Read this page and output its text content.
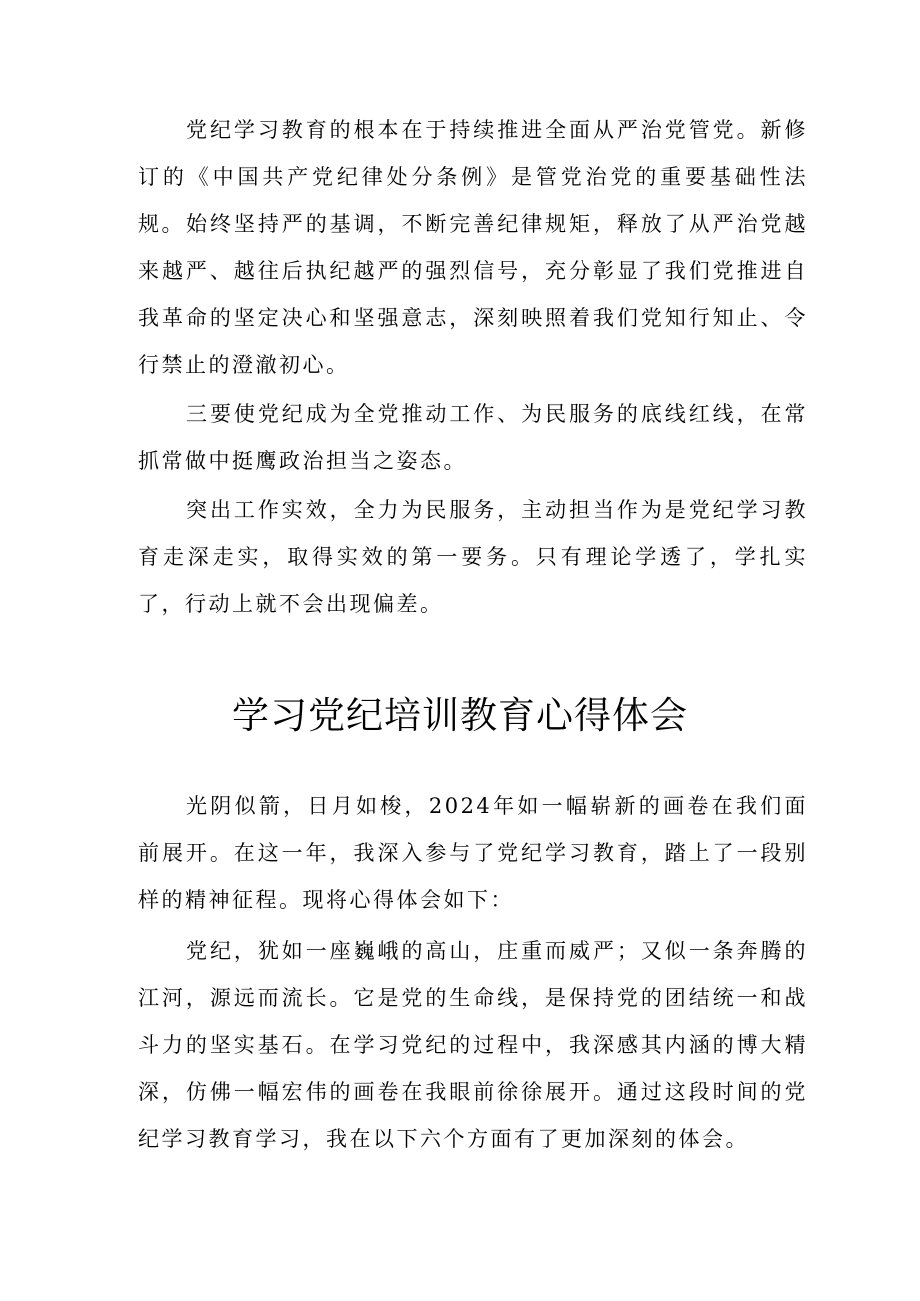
党纪学习教育的根本在于持续推进全面从严治党管党。新修订的《中国共产党纪律处分条例》是管党治党的重要基础性法规。 始终坚持严的基调，不断完善纪律规矩，释放了从严治党越来越严、越往后执纪越严的强烈信号，充分彰显了我们党推进自我革命的坚定决心和坚强意志，深刻映照着我们党知行知止、令行禁止的澄澈初心。

三要使党纪成为全党推动工作、为民服务的底线红线，在常抓常做中挺鹰政治担当之姿态。

突出工作实效，全力为民服务，主动担当作为是党纪学习教育走深走实，取得实效的第一要务。只有理论学透了，学扎实了，行动上就不会出现偏差。

学习党纪培训教育心得体会

光阴似箭，日月如梭，2024年如一幅崭新的画卷在我们面前展开。在这一年，我深入参与了党纪学习教育，踏上了一段别样的精神征程。现将心得体会如下：

党纪，犹如一座巍峨的高山，庄重而威严；又似一条奔腾的江河，源远而流长。它是党的生命线，是保持党的团结统一和战斗力的坚实基石。在学习党纪的过程中，我深感其内涵的博大精深，仿佛一幅宏伟的画卷在我眼前徐徐展开。通过这段时间的党纪学习教育学习，我在以下六个方面有了更加深刻的体会。
